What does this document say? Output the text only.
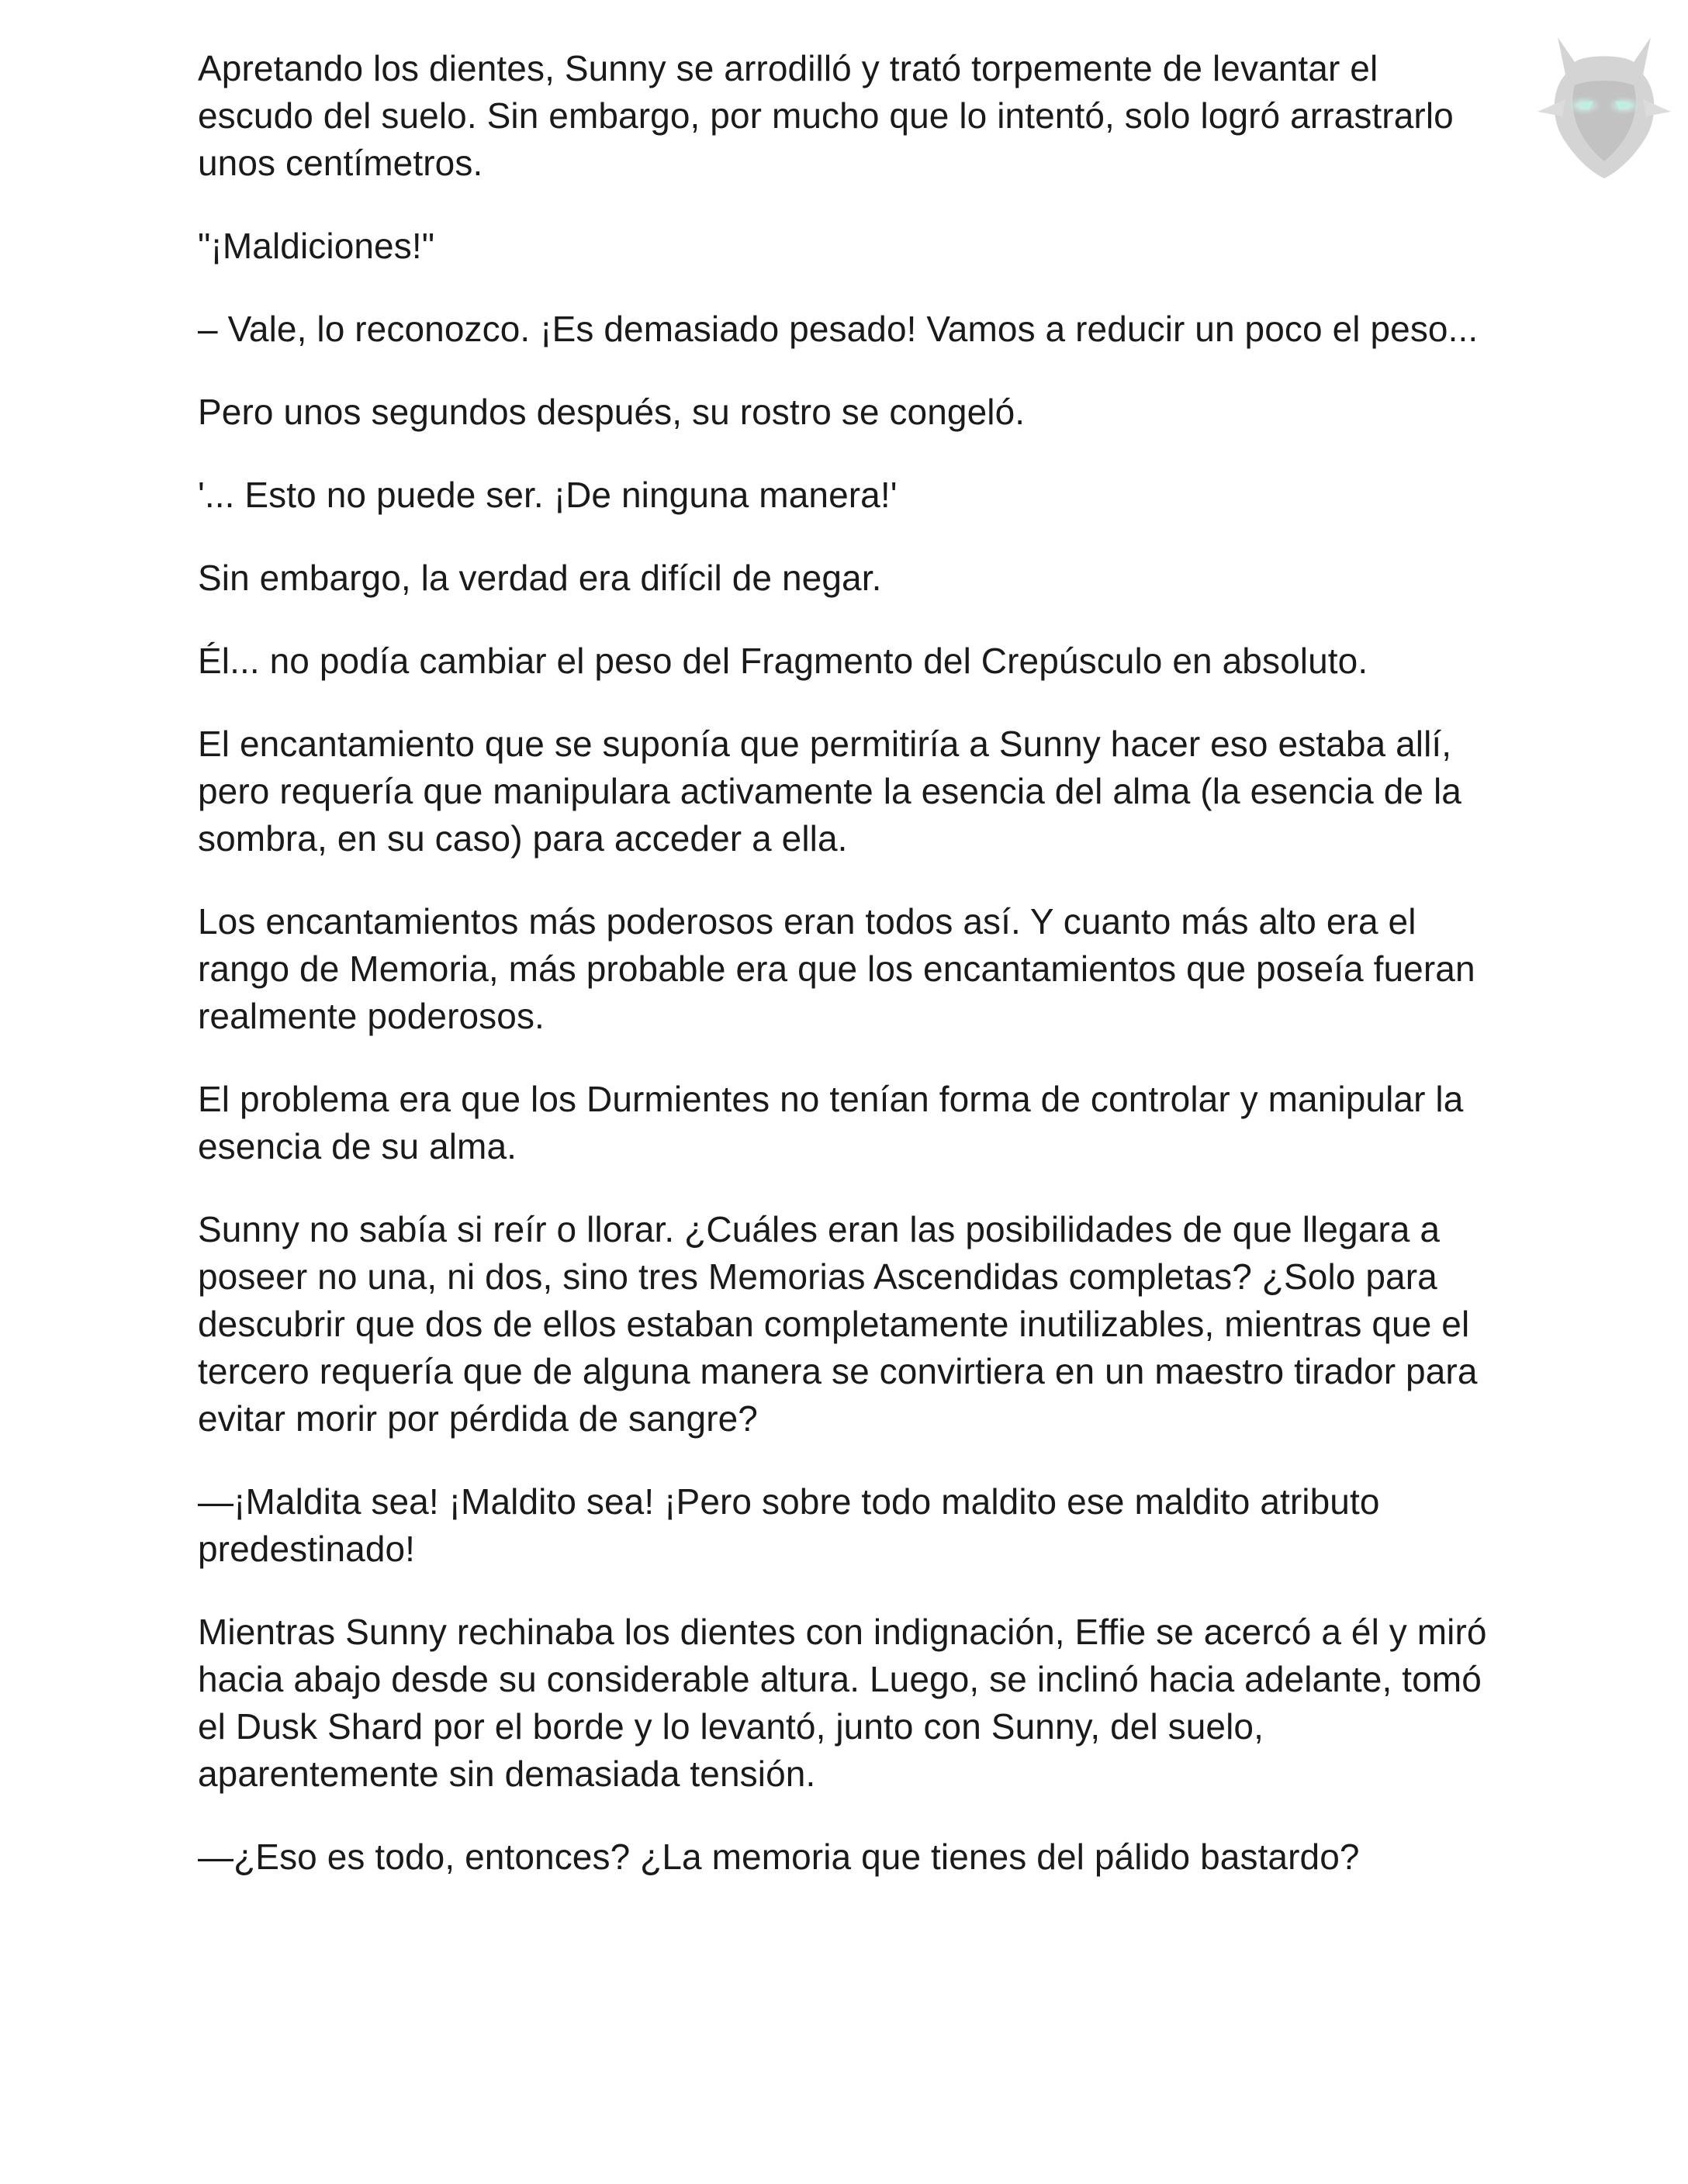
Apretando los dientes, Sunny se arrodilló y trató torpemente de levantar el escudo del suelo. Sin embargo, por mucho que lo intentó, solo logró arrastrarlo unos centímetros.

"¡Maldiciones!"

– Vale, lo reconozco. ¡Es demasiado pesado! Vamos a reducir un poco el peso...

Pero unos segundos después, su rostro se congeló.

'... Esto no puede ser. ¡De ninguna manera!'

Sin embargo, la verdad era difícil de negar.

Él... no podía cambiar el peso del Fragmento del Crepúsculo en absoluto.

El encantamiento que se suponía que permitiría a Sunny hacer eso estaba allí, pero requería que manipulara activamente la esencia del alma (la esencia de la sombra, en su caso) para acceder a ella.

Los encantamientos más poderosos eran todos así. Y cuanto más alto era el rango de Memoria, más probable era que los encantamientos que poseía fueran realmente poderosos.

El problema era que los Durmientes no tenían forma de controlar y manipular la esencia de su alma.

Sunny no sabía si reír o llorar. ¿Cuáles eran las posibilidades de que llegara a poseer no una, ni dos, sino tres Memorias Ascendidas completas? ¿Solo para descubrir que dos de ellos estaban completamente inutilizables, mientras que el tercero requería que de alguna manera se convirtiera en un maestro tirador para evitar morir por pérdida de sangre?

—¡Maldita sea! ¡Maldito sea! ¡Pero sobre todo maldito ese maldito atributo predestinado!

Mientras Sunny rechinaba los dientes con indignación, Effie se acercó a él y miró hacia abajo desde su considerable altura. Luego, se inclinó hacia adelante, tomó el Dusk Shard por el borde y lo levantó, junto con Sunny, del suelo, aparentemente sin demasiada tensión.

—¿Eso es todo, entonces? ¿La memoria que tienes del pálido bastardo?
